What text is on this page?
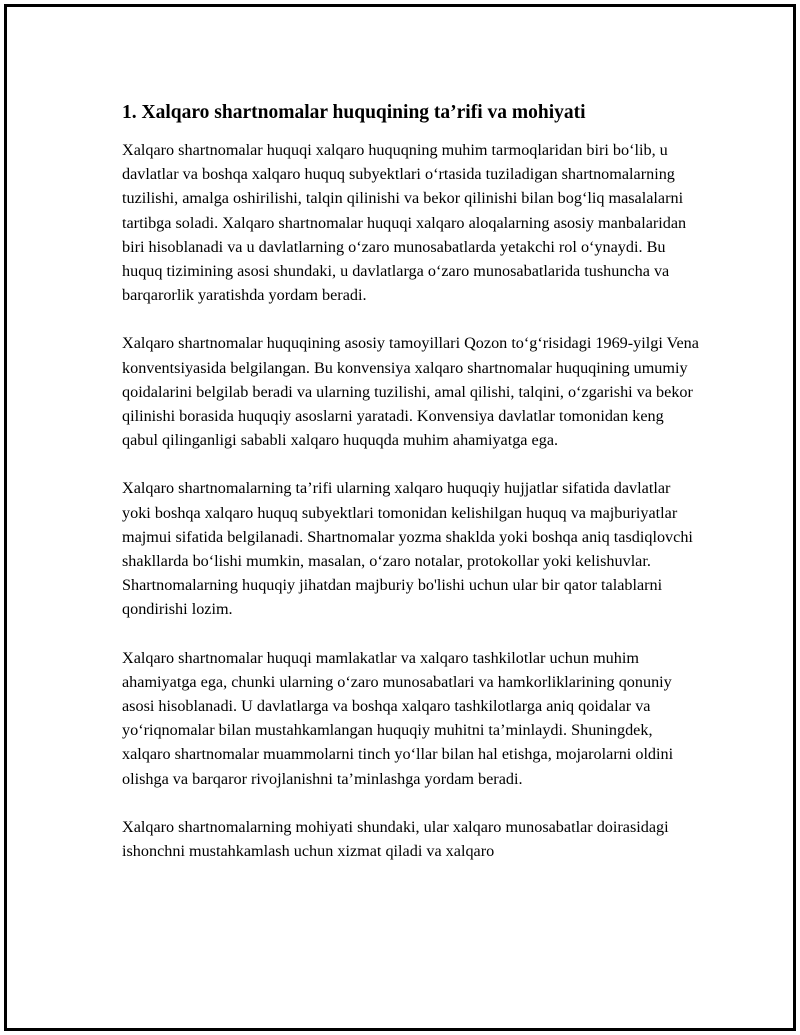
1. Xalqaro shartnomalar huquqining ta’rifi va mohiyati

Xalqaro shartnomalar huquqi xalqaro huquqning muhim tarmoqlaridan biri bo‘lib, u davlatlar va boshqa xalqaro huquq subyektlari o‘rtasida tuziladigan shartnomalarning tuzilishi, amalga oshirilishi, talqin qilinishi va bekor qilinishi bilan bog‘liq masalalarni tartibga soladi. Xalqaro shartnomalar huquqi xalqaro aloqalarning asosiy manbalaridan biri hisoblanadi va u davlatlarning o‘zaro munosabatlarda yetakchi rol o‘ynaydi. Bu huquq tizimining asosi shundaki, u davlatlarga o‘zaro munosabatlarida tushuncha va barqarorlik yaratishda yordam beradi.

Xalqaro shartnomalar huquqining asosiy tamoyillari Qozon to‘g‘risidagi 1969-yilgi Vena konventsiyasida belgilangan. Bu konvensiya xalqaro shartnomalar huquqining umumiy qoidalarini belgilab beradi va ularning tuzilishi, amal qilishi, talqini, o‘zgarishi va bekor qilinishi borasida huquqiy asoslarni yaratadi. Konvensiya davlatlar tomonidan keng qabul qilinganligi sababli xalqaro huquqda muhim ahamiyatga ega.

Xalqaro shartnomalarning ta’rifi ularning xalqaro huquqiy hujjatlar sifatida davlatlar yoki boshqa xalqaro huquq subyektlari tomonidan kelishilgan huquq va majburiyatlar majmui sifatida belgilanadi. Shartnomalar yozma shaklda yoki boshqa aniq tasdiqlovchi shakllarda bo‘lishi mumkin, masalan, o‘zaro notalar, protokollar yoki kelishuvlar. Shartnomalarning huquqiy jihatdan majburiy bo'lishi uchun ular bir qator talablarni qondirishi lozim.

Xalqaro shartnomalar huquqi mamlakatlar va xalqaro tashkilotlar uchun muhim ahamiyatga ega, chunki ularning o‘zaro munosabatlari va hamkorliklarining qonuniy asosi hisoblanadi. U davlatlarga va boshqa xalqaro tashkilotlarga aniq qoidalar va yo‘riqnomalar bilan mustahkamlangan huquqiy muhitni ta’minlaydi. Shuningdek, xalqaro shartnomalar muammolarni tinch yo‘llar bilan hal etishga, mojarolarni oldini olishga va barqaror rivojlanishni ta’minlashga yordam beradi.

Xalqaro shartnomalarning mohiyati shundaki, ular xalqaro munosabatlar doirasidagi ishonchni mustahkamlash uchun xizmat qiladi va xalqaro
